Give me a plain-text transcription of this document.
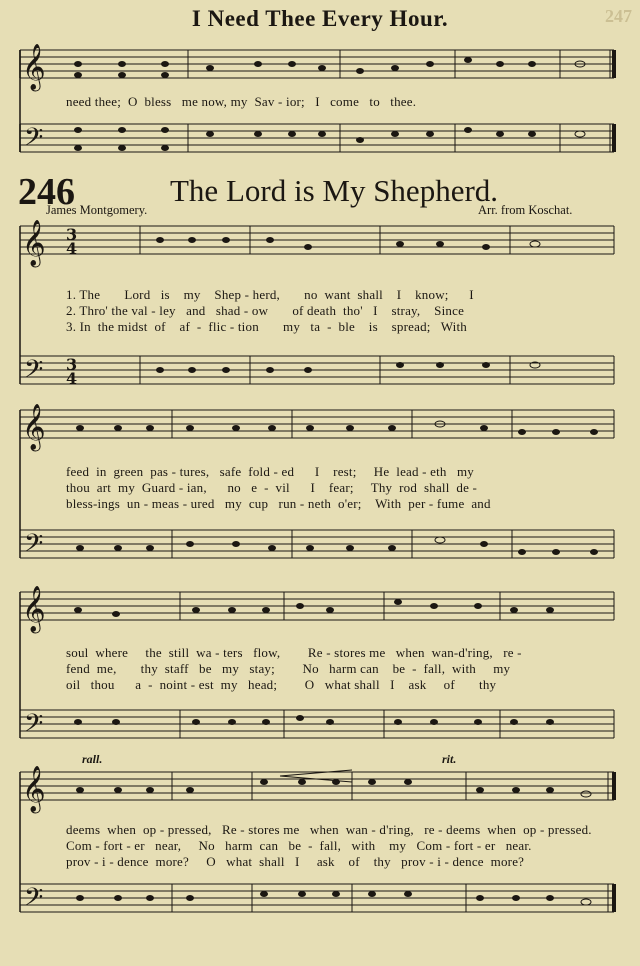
247
I Need Thee Every Hour.
𝄞
𝄢
need thee;  O  bless   me now, my  Sav - ior;   I   come   to   thee.
246	The Lord is My Shepherd.
James Montgomery.	Arr. from Koschat.
𝄞
𝄢
𝄞
𝄢
𝄞
𝄢
𝄞
𝄢
3
4
3
4
1. The       Lord   is    my    Shep - herd,       no  want  shall    I    know;      I
2. Thro' the val - ley   and   shad - ow       of death  tho'   I    stray,    Since
3. In  the midst  of    af  -  flic - tion       my   ta  -  ble    is    spread;   With
feed  in  green  pas - tures,   safe  fold - ed      I    rest;     He  lead - eth   my
thou  art  my  Guard - ian,      no   e  -  vil      I    fear;     Thy  rod  shall  de -
bless-ings  un - meas - ured   my  cup   run - neth  o'er;    With  per - fume  and
soul  where     the  still  wa - ters   flow,        Re - stores me   when  wan-d'ring,   re -
fend  me,       thy  staff   be   my   stay;        No   harm can    be  -  fall,  with     my
oil   thou      a  -  noint - est  my   head;        O   what shall   I    ask     of       thy
rall.	rit.
deems  when  op - pressed,   Re - stores me   when  wan - d'ring,   re - deems  when  op - pressed.
Com - fort - er   near,     No   harm  can   be  -  fall,   with    my   Com - fort - er   near.
prov - i - dence  more?     O   what  shall   I     ask    of    thy   prov - i - dence  more?
